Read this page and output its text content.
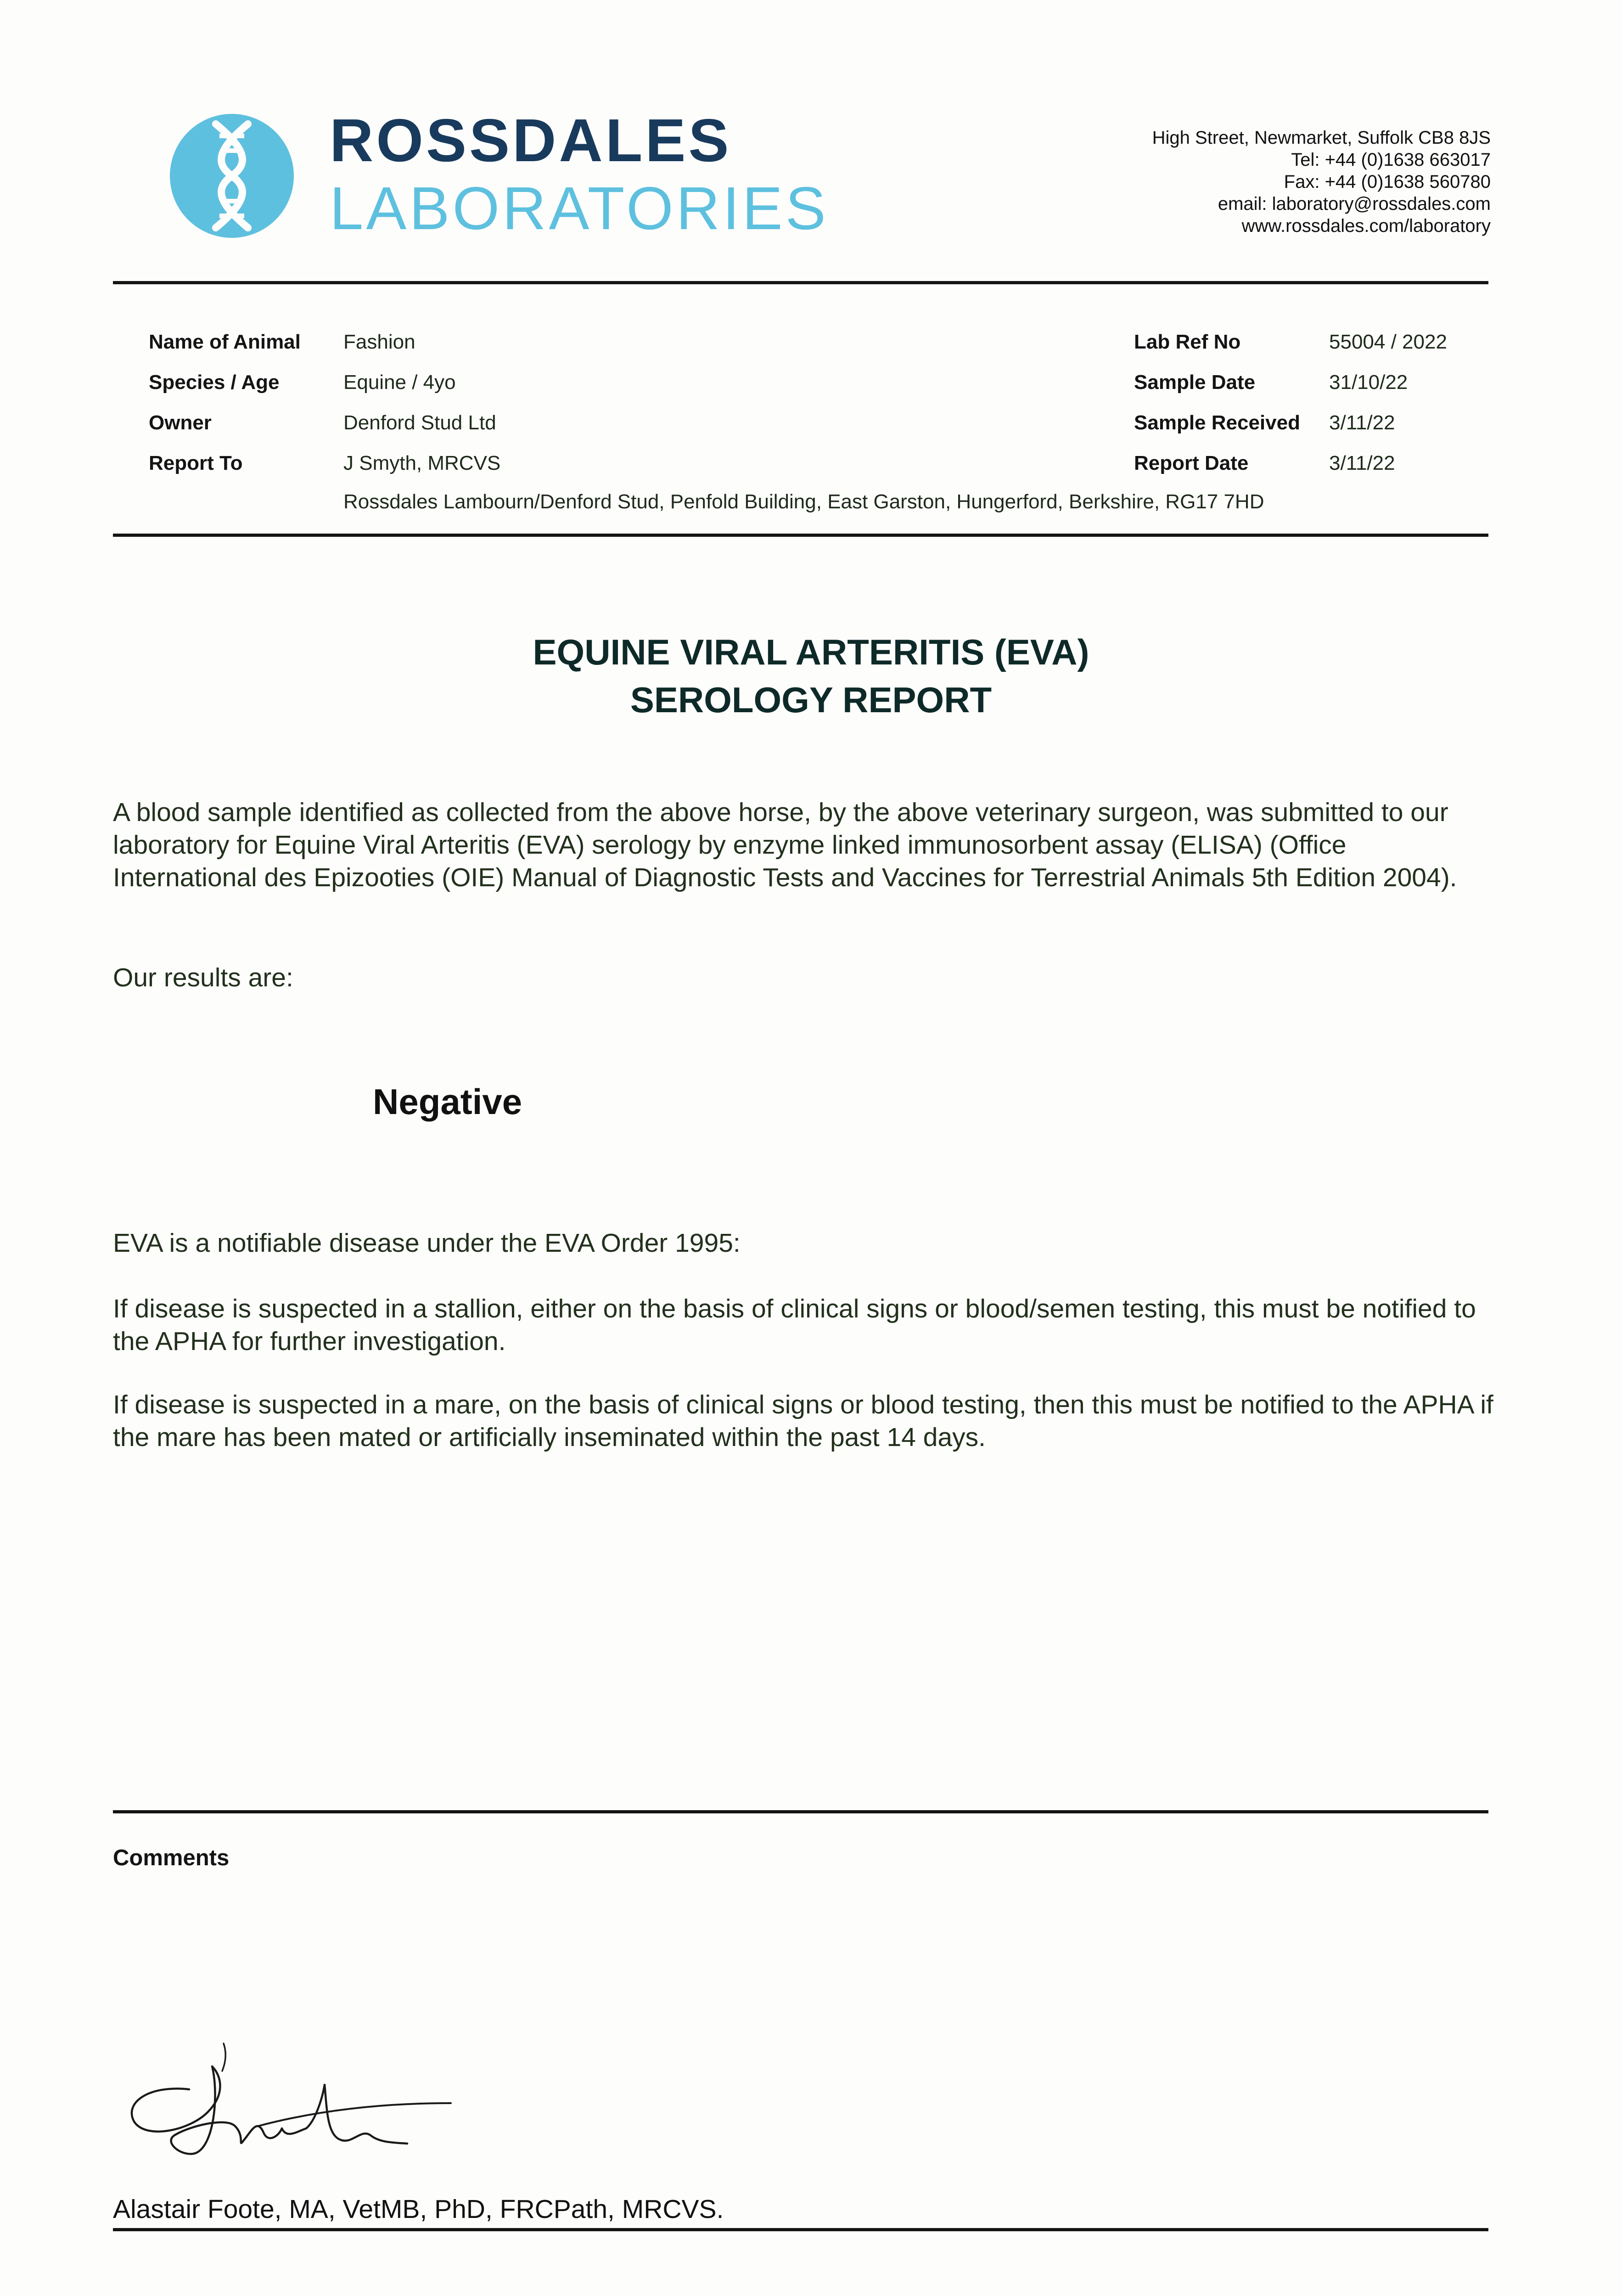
ROSSDALES
LABORATORIES
High Street, Newmarket, Suffolk CB8 8JS
Tel: +44 (0)1638 663017
Fax: +44 (0)1638 560780
email: laboratory@rossdales.com
www.rossdales.com/laboratory
Name of Animal Fashion
Species / Age	Equine / 4yo
Owner	Denford Stud Ltd
Report To	J Smyth, MRCVS
Rossdales Lambourn/Denford Stud, Penfold Building, East Garston, Hungerford, Berkshire, RG17 7HD
Lab Ref No	55004 / 2022
Sample Date	31/10/22
Sample Received 3/11/22
Report Date	3/11/22
EQUINE VIRAL ARTERITIS (EVA)
SEROLOGY REPORT
A blood sample identified as collected from the above horse, by the above veterinary surgeon, was submitted to our laboratory for Equine Viral Arteritis (EVA) serology by enzyme linked immunosorbent assay (ELISA) (Office International des Epizooties (OIE) Manual of Diagnostic Tests and Vaccines for Terrestrial Animals 5th Edition 2004).
Our results are:
Negative
EVA is a notifiable disease under the EVA Order 1995:
If disease is suspected in a stallion, either on the basis of clinical signs or blood/semen testing, this must be notified to the APHA for further investigation.
If disease is suspected in a mare, on the basis of clinical signs or blood testing, then this must be notified to the APHA if the mare has been mated or artificially inseminated within the past 14 days.
Comments
Alastair Foote, MA, VetMB, PhD, FRCPath, MRCVS.
